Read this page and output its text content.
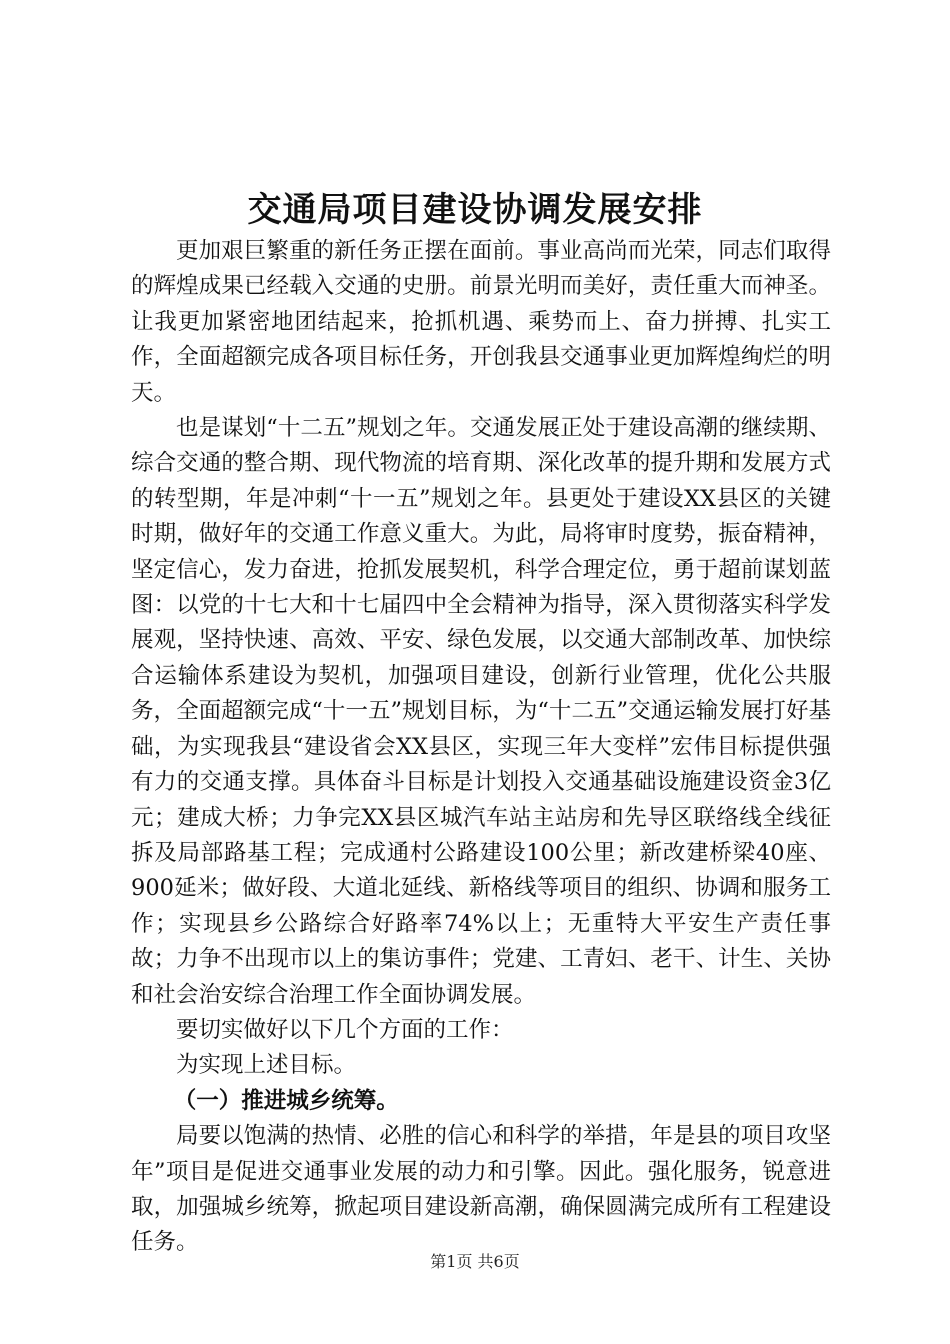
交通局项目建设协调发展安排

更加艰巨繁重的新任务正摆在面前。事业高尚而光荣，同志们取得的辉煌成果已经载入交通的史册。前景光明而美好，责任重大而神圣。让我更加紧密地团结起来，抢抓机遇、乘势而上、奋力拼搏、扎实工作，全面超额完成各项目标任务，开创我县交通事业更加辉煌绚烂的明天。

也是谋划“十二五”规划之年。交通发展正处于建设高潮的继续期、综合交通的整合期、现代物流的培育期、深化改革的提升期和发展方式的转型期，年是冲刺“十一五”规划之年。县更处于建设XX县区的关键时期，做好年的交通工作意义重大。为此，局将审时度势，振奋精神，坚定信心，发力奋进，抢抓发展契机，科学合理定位，勇于超前谋划蓝图：以党的十七大和十七届四中全会精神为指导，深入贯彻落实科学发展观，坚持快速、高效、平安、绿色发展，以交通大部制改革、加快综合运输体系建设为契机，加强项目建设，创新行业管理，优化公共服务，全面超额完成“十一五”规划目标，为“十二五”交通运输发展打好基础，为实现我县“建设省会XX县区，实现三年大变样”宏伟目标提供强有力的交通支撑。具体奋斗目标是计划投入交通基础设施建设资金3亿元；建成大桥；力争完XX县区城汽车站主站房和先导区联络线全线征拆及局部路基工程；完成通村公路建设100公里；新改建桥梁40座、900延米；做好段、大道北延线、新格线等项目的组织、协调和服务工作；实现县乡公路综合好路率74%以上；无重特大平安生产责任事故；力争不出现市以上的集访事件；党建、工青妇、老干、计生、关协和社会治安综合治理工作全面协调发展。

要切实做好以下几个方面的工作：

为实现上述目标。

（一）推进城乡统筹。

局要以饱满的热情、必胜的信心和科学的举措，年是县的项目攻坚年”项目是促进交通事业发展的动力和引擎。因此。强化服务，锐意进取，加强城乡统筹，掀起项目建设新高潮，确保圆满完成所有工程建设任务。

第1页 共6页
